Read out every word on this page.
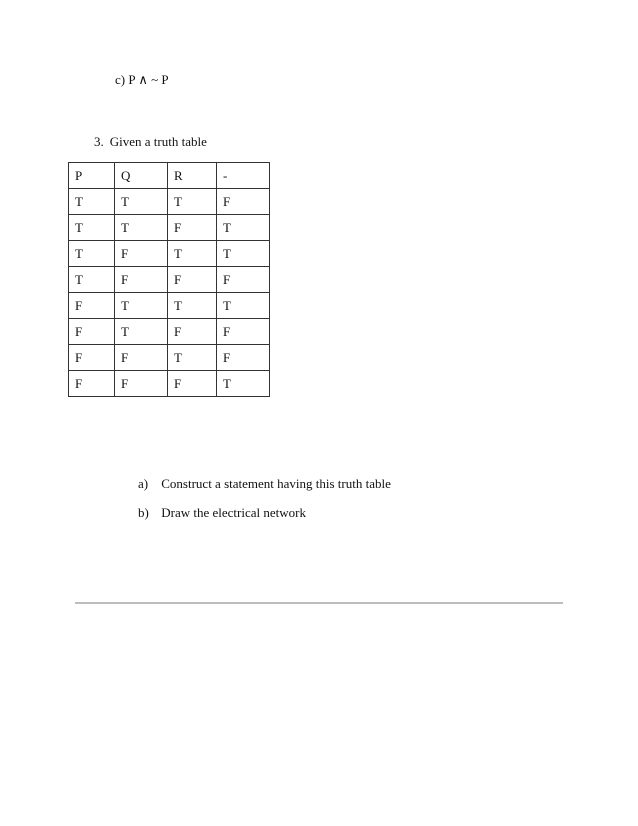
c) P ∧ ~ P
3. Given a truth table
P	Q	R	-
T	T	T	F
T	T	F	T
T	F	T	T
T	F	F	F
F	T	T	T
F	T	F	F
F	F	T	F
F	F	F	T
a) Construct a statement having this truth table
b) Draw the electrical network
